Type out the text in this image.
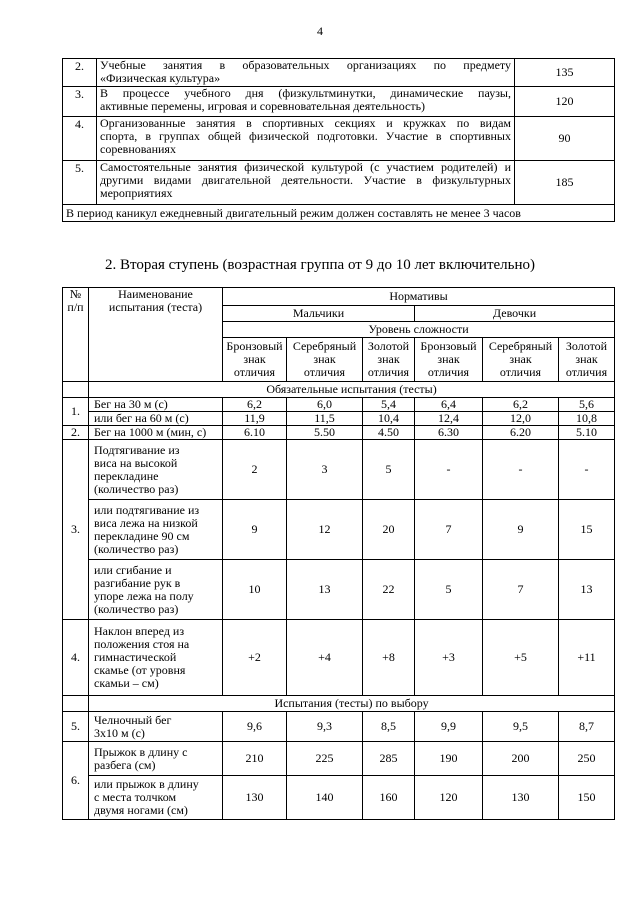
4
2.	Учебные занятия в образовательных организациях по предмету
«Физическая культура»	135
3.	В процессе учебного дня (физкультминутки, динамические паузы,
активные перемены, игровая и соревновательная деятельность)	120
4.	Организованные занятия в спортивных секциях и кружках по видам
спорта, в группах общей физической подготовки. Участие в спортивных
соревнованиях	90
5.	Самостоятельные занятия физической культурой (с участием родителей) и
другими видами двигательной деятельности. Участие в физкультурных
мероприятиях	185
В период каникул ежедневный двигательный режим должен составлять не менее 3 часов		
2. Вторая ступень (возрастная группа от 9 до 10 лет включительно)
№
п/п	Наименование
испытания (теста)	Нормативы					
		Мальчики			Девочки		
		Уровень сложности					

		Бронзовый
знак
отличия	Серебряный
знак
отличия	Золотой
знак
отличия	Бронзовый
знак
отличия	Серебряный
знак
отличия	Золотой
знак
отличия

	Обязательные испытания (тесты)						
1.	Бег на 30 м (с)	6,2	6,0	5,4	6,4	6,2	5,6
	или бег на 60 м (с)	11,9	11,5	10,4	12,4	12,0	10,8
2.	Бег на 1000 м (мин, с)	6.10	5.50	4.50	6.30	6.20	5.10
3.	Подтягивание из
виса на высокой
перекладине
(количество раз)	2	3	5	-	-	-

	или подтягивание из
виса лежа на низкой
перекладине 90 см
(количество раз)	9	12	20	7	9	15

	или сгибание и
разгибание рук в
упоре лежа на полу
(количество раз)	10	13	22	5	7	13
4.	Наклон вперед из
положения стоя на
гимнастической
скамье (от уровня
скамьи – см)	+2	+4	+8	+3	+5	+11
	Испытания (тесты) по выбору						
5.	Челночный бег
3х10 м (с)	9,6	9,3	8,5	9,9	9,5	8,7
6.	Прыжок в длину с
разбега (см)	210	225	285	190	200	250

	или прыжок в длину
с места толчком
двумя ногами (см)	130	140	160	120	130	150
